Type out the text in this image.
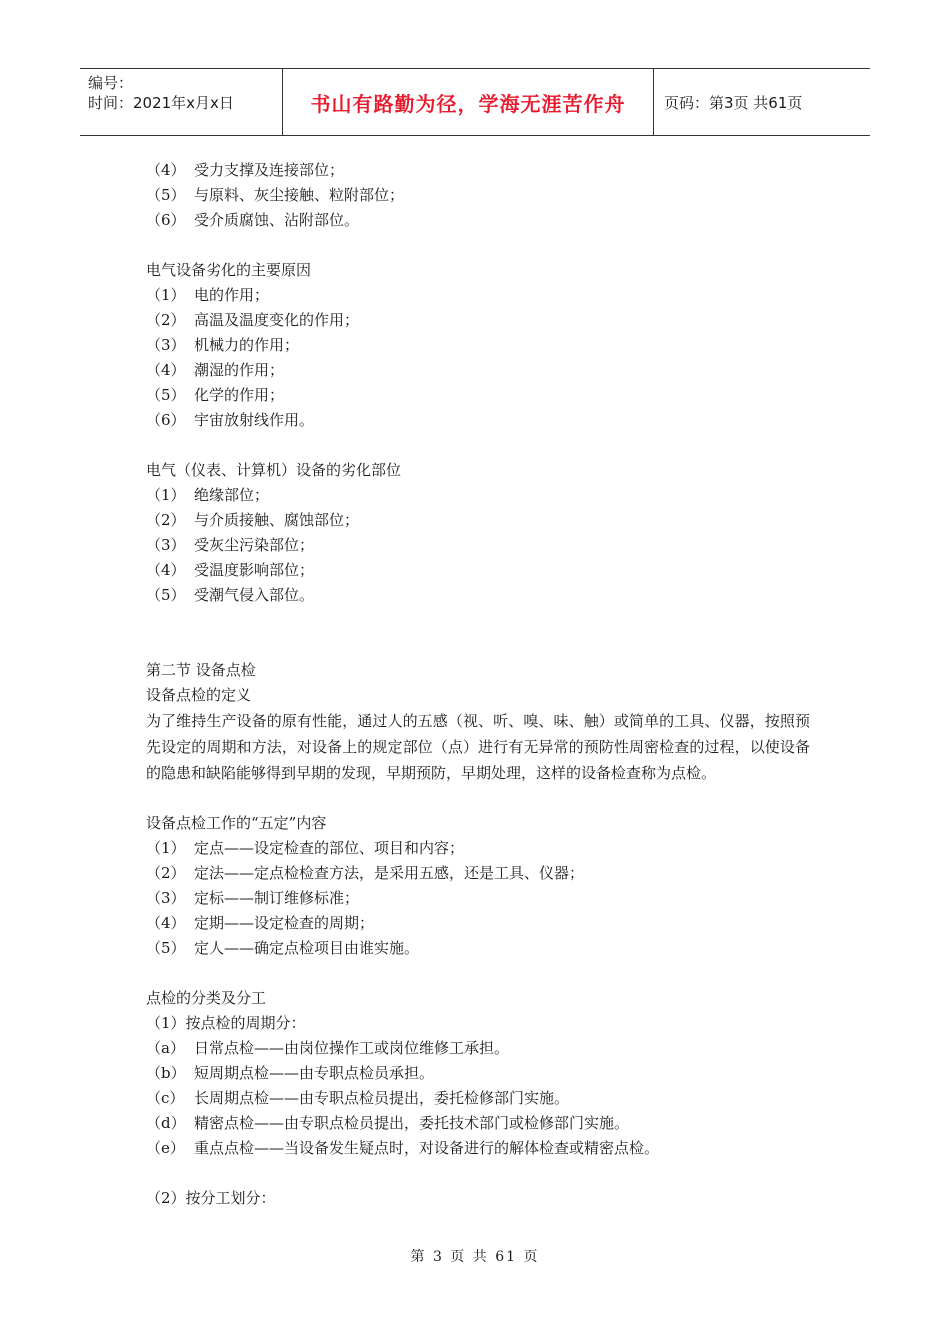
编号：
时间：2021年x月x日	书山有路勤为径，学海无涯苦作舟	页码：第3页 共61页
（4） 受力支撑及连接部位；
（5） 与原料、灰尘接触、粒附部位；
（6） 受介质腐蚀、沾附部位。
电气设备劣化的主要原因
（1） 电的作用；
（2） 高温及温度变化的作用；
（3） 机械力的作用；
（4） 潮湿的作用；
（5） 化学的作用；
（6） 宇宙放射线作用。
电气（仪表、计算机）设备的劣化部位
（1） 绝缘部位；
（2） 与介质接触、腐蚀部位；
（3） 受灰尘污染部位；
（4） 受温度影响部位；
（5） 受潮气侵入部位。
第二节 设备点检
设备点检的定义
为了维持生产设备的原有性能，通过人的五感（视、听、嗅、味、触）或简单的工具、仪器，按照预先设定的周期和方法，对设备上的规定部位（点）进行有无异常的预防性周密检查的过程，以使设备的隐患和缺陷能够得到早期的发现，早期预防，早期处理，这样的设备检查称为点检。
设备点检工作的“五定”内容
（1） 定点——设定检查的部位、项目和内容；
（2） 定法——定点检检查方法，是采用五感，还是工具、仪器；
（3） 定标——制订维修标准；
（4） 定期——设定检查的周期；
（5） 定人——确定点检项目由谁实施。
点检的分类及分工
（1）按点检的周期分：
（a） 日常点检——由岗位操作工或岗位维修工承担。
（b） 短周期点检——由专职点检员承担。
（c） 长周期点检——由专职点检员提出，委托检修部门实施。
（d） 精密点检——由专职点检员提出，委托技术部门或检修部门实施。
（e） 重点点检——当设备发生疑点时，对设备进行的解体检查或精密点检。
（2）按分工划分：
第 3 页 共 61 页
